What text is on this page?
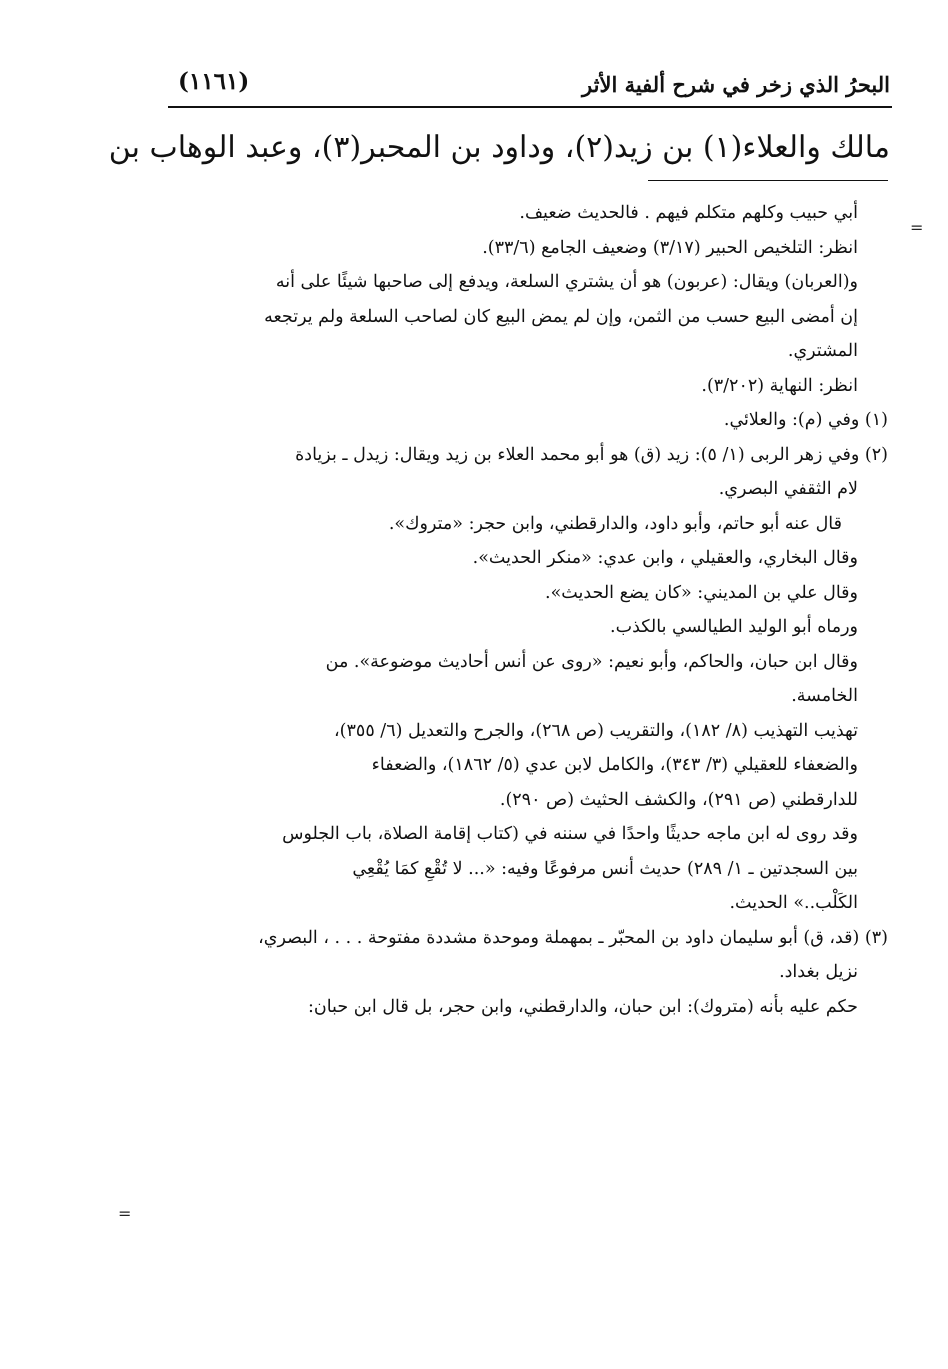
البحرُ الذي زخر في شرح ألفية الأثر
(١١٦١)
مالك والعلاء(١) بن زيد(٢)، وداود بن المحبر(٣)، وعبد الوهاب بن

أبي حبيب وكلهم متكلم فيهم . فالحديث ضعيف.

انظر: التلخيص الحبير (٣/١٧) وضعيف الجامع (٣٣/٦).

و(العربان) ويقال: (عربون) هو أن يشتري السلعة، ويدفع إلى صاحبها شيئًا على أنه

إن أمضى البيع حسب من الثمن، وإن لم يمض البيع كان لصاحب السلعة ولم يرتجعه

المشتري.

انظر: النهاية (٣/٢٠٢).

(١) وفي (م): والعلائي.

(٢) وفي زهر الربى (١/ ٥): زيد (ق) هو أبو محمد العلاء بن زيد ويقال: زيدل ـ بزيادة

لام الثقفي البصري.

قال عنه أبو حاتم، وأبو داود، والدارقطني، وابن حجر: «متروك».

وقال البخاري، والعقيلي ، وابن عدي: «منكر الحديث».

وقال علي بن المديني: «كان يضع الحديث».

ورماه أبو الوليد الطيالسي بالكذب.

وقال ابن حبان، والحاكم، وأبو نعيم: «روى عن أنس أحاديث موضوعة». من

الخامسة.

تهذيب التهذيب (٨/ ١٨٢)، والتقريب (ص ٢٦٨)، والجرح والتعديل (٦/ ٣٥٥)،

والضعفاء للعقيلي (٣/ ٣٤٣)، والكامل لابن عدي (٥/ ١٨٦٢)، والضعفاء

للدارقطني (ص ٢٩١)، والكشف الحثيث (ص ٢٩٠).

وقد روى له ابن ماجه حديثًا واحدًا في سننه في (كتاب إقامة الصلاة، باب الجلوس

بين السجدتين ـ ١/ ٢٨٩) حديث أنس مرفوعًا وفيه: «... لا تُقْعِ كمَا يُقْعِي

الكَلْب..» الحديث.

(٣) (قد، ق) أبو سليمان داود بن المحبّر ـ بمهملة وموحدة مشددة مفتوحة . . . ، البصري،

نزيل بغداد.

حكم عليه بأنه (متروك): ابن حبان، والدارقطني، وابن حجر، بل قال ابن حبان:

=
=
